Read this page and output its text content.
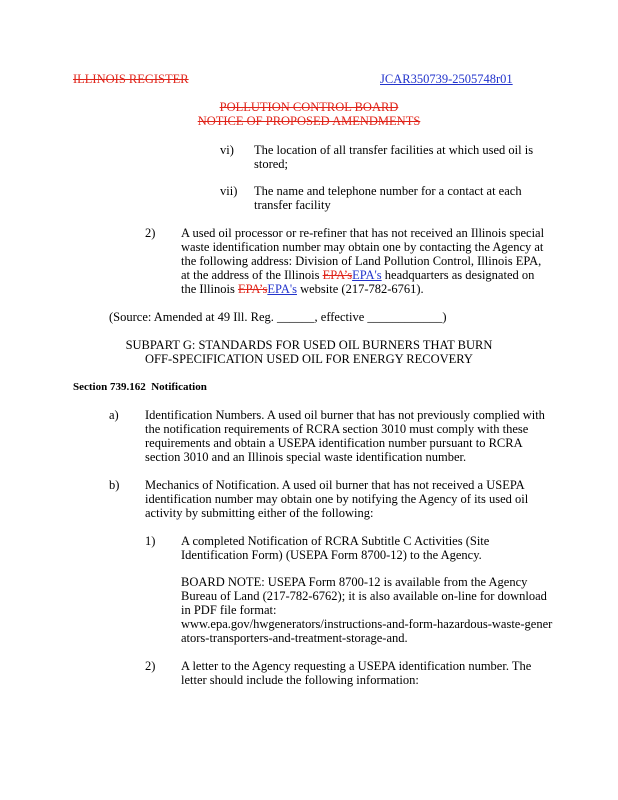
ILLINOIS REGISTER	JCAR350739-2505748r01
POLLUTION CONTROL BOARD
NOTICE OF PROPOSED AMENDMENTS
vi) The location of all transfer facilities at which used oil is
stored;
vii) The name and telephone number for a contact at each
transfer facility
2) A used oil processor or re-refiner that has not received an Illinois special
waste identification number may obtain one by contacting the Agency at
the following address: Division of Land Pollution Control, Illinois EPA,
at the address of the Illinois EPA’sEPA's headquarters as designated on
the Illinois EPA’sEPA's website (217-782-6761).
(Source: Amended at 49 Ill. Reg. ______, effective ____________)
SUBPART G: STANDARDS FOR USED OIL BURNERS THAT BURN
OFF-SPECIFICATION USED OIL FOR ENERGY RECOVERY
Section 739.162 Notification
a) Identification Numbers. A used oil burner that has not previously complied with
the notification requirements of RCRA section 3010 must comply with these
requirements and obtain a USEPA identification number pursuant to RCRA
section 3010 and an Illinois special waste identification number.
b) Mechanics of Notification. A used oil burner that has not received a USEPA
identification number may obtain one by notifying the Agency of its used oil
activity by submitting either of the following:
1) A completed Notification of RCRA Subtitle C Activities (Site
Identification Form) (USEPA Form 8700-12) to the Agency.
BOARD NOTE: USEPA Form 8700-12 is available from the Agency
Bureau of Land (217-782-6762); it is also available on-line for download
in PDF file format:
www.epa.gov/hwgenerators/instructions-and-form-hazardous-waste-gener
ators-transporters-and-treatment-storage-and.
2) A letter to the Agency requesting a USEPA identification number. The
letter should include the following information:
